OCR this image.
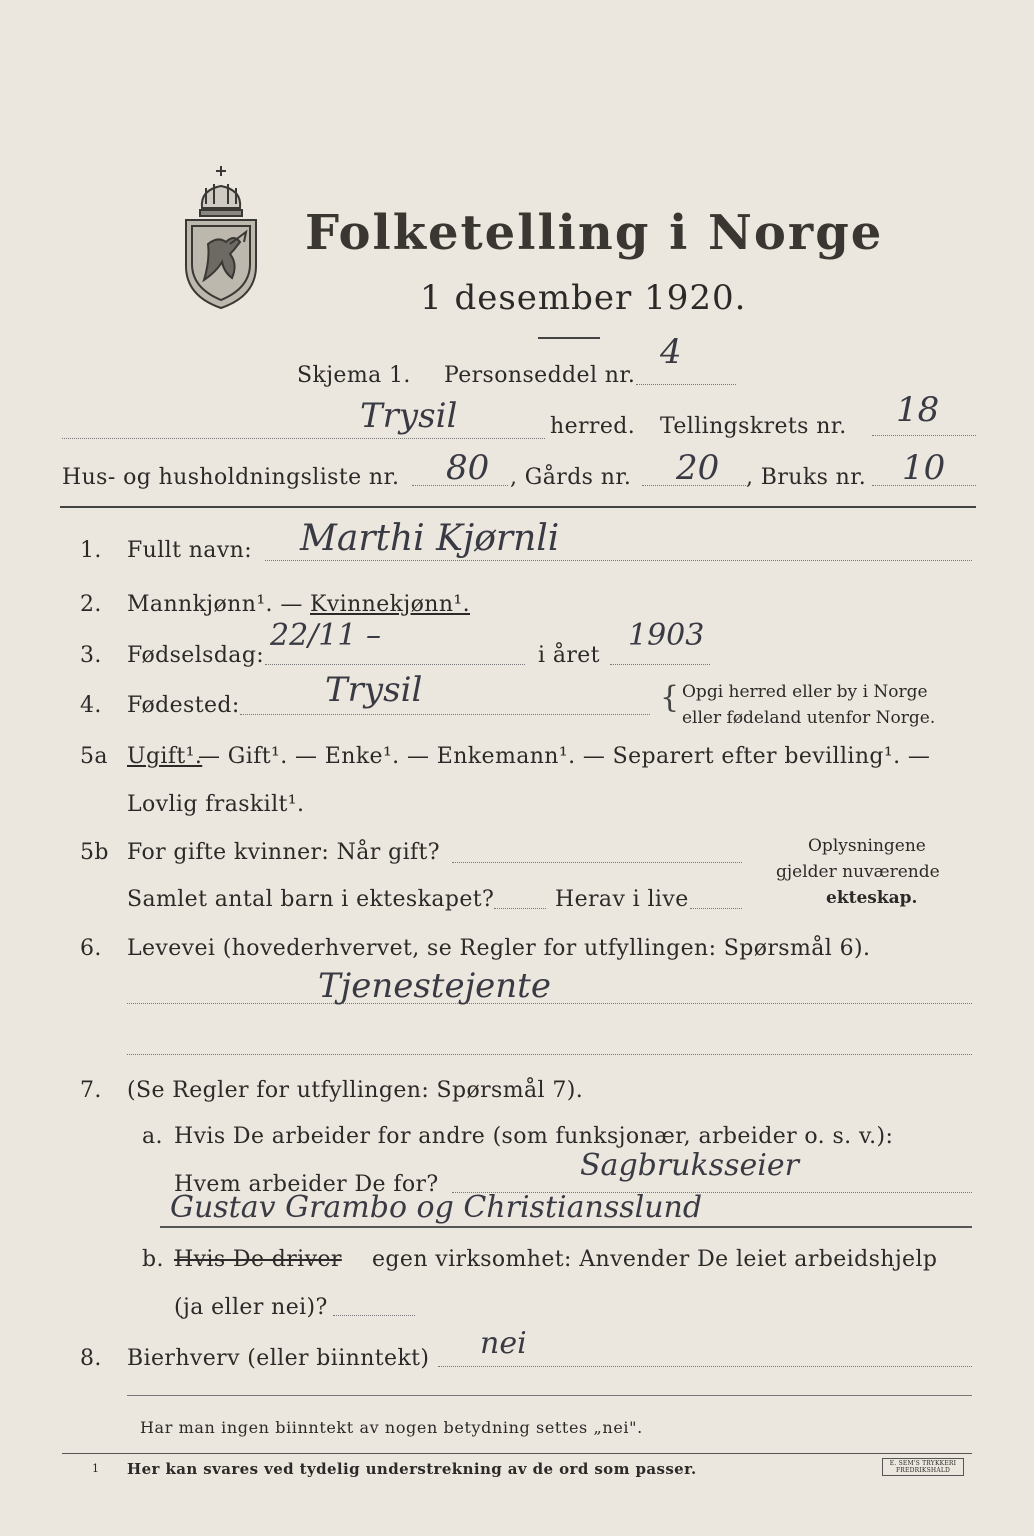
Folketelling i Norge
1 desember 1920.
Skjema 1. Personseddel nr.
4
Trysil	herred. Tellingskrets nr. 18
Hus- og husholdningsliste nr. 80 , Gårds nr. 20 , Bruks nr. 10
1. Fullt navn: Marthi Kjørnli
2. Mannkjønn¹. — Kvinnekjønn¹.
3. Fødselsdag:
22/11 –
i året
1903
4. Fødested:	Trysil	{ Opgi herred eller by i Norge
eller fødeland utenfor Norge.
5a Ugift¹.
— Gift¹. — Enke¹. — Enkemann¹. — Separert efter bevilling¹. —
Lovlig fraskilt¹.
5b For gifte kvinner: Når gift?
Samlet antal barn i ekteskapet?	Herav i live
Oplysningene
gjelder nuværende
ekteskap.
6. Levevei (hovederhvervet, se Regler for utfyllingen: Spørsmål 6).
Tjenestejente
7. (Se Regler for utfyllingen: Spørsmål 7).
a. Hvis De arbeider for andre (som funksjonær, arbeider o. s. v.):
Hvem arbeider De for?
Sagbruksseier
Gustav Grambo og Christiansslund
b. Hvis De driver egen virksomhet: Anvender De leiet arbeidshjelp
(ja eller nei)?
8. Bierhverv (eller biinntekt) nei
Har man ingen biinntekt av nogen betydning settes „nei".
1 Her kan svares ved tydelig understrekning av de ord som passer.	E. SEM'S TRYKKERI FREDRIKSHALD
